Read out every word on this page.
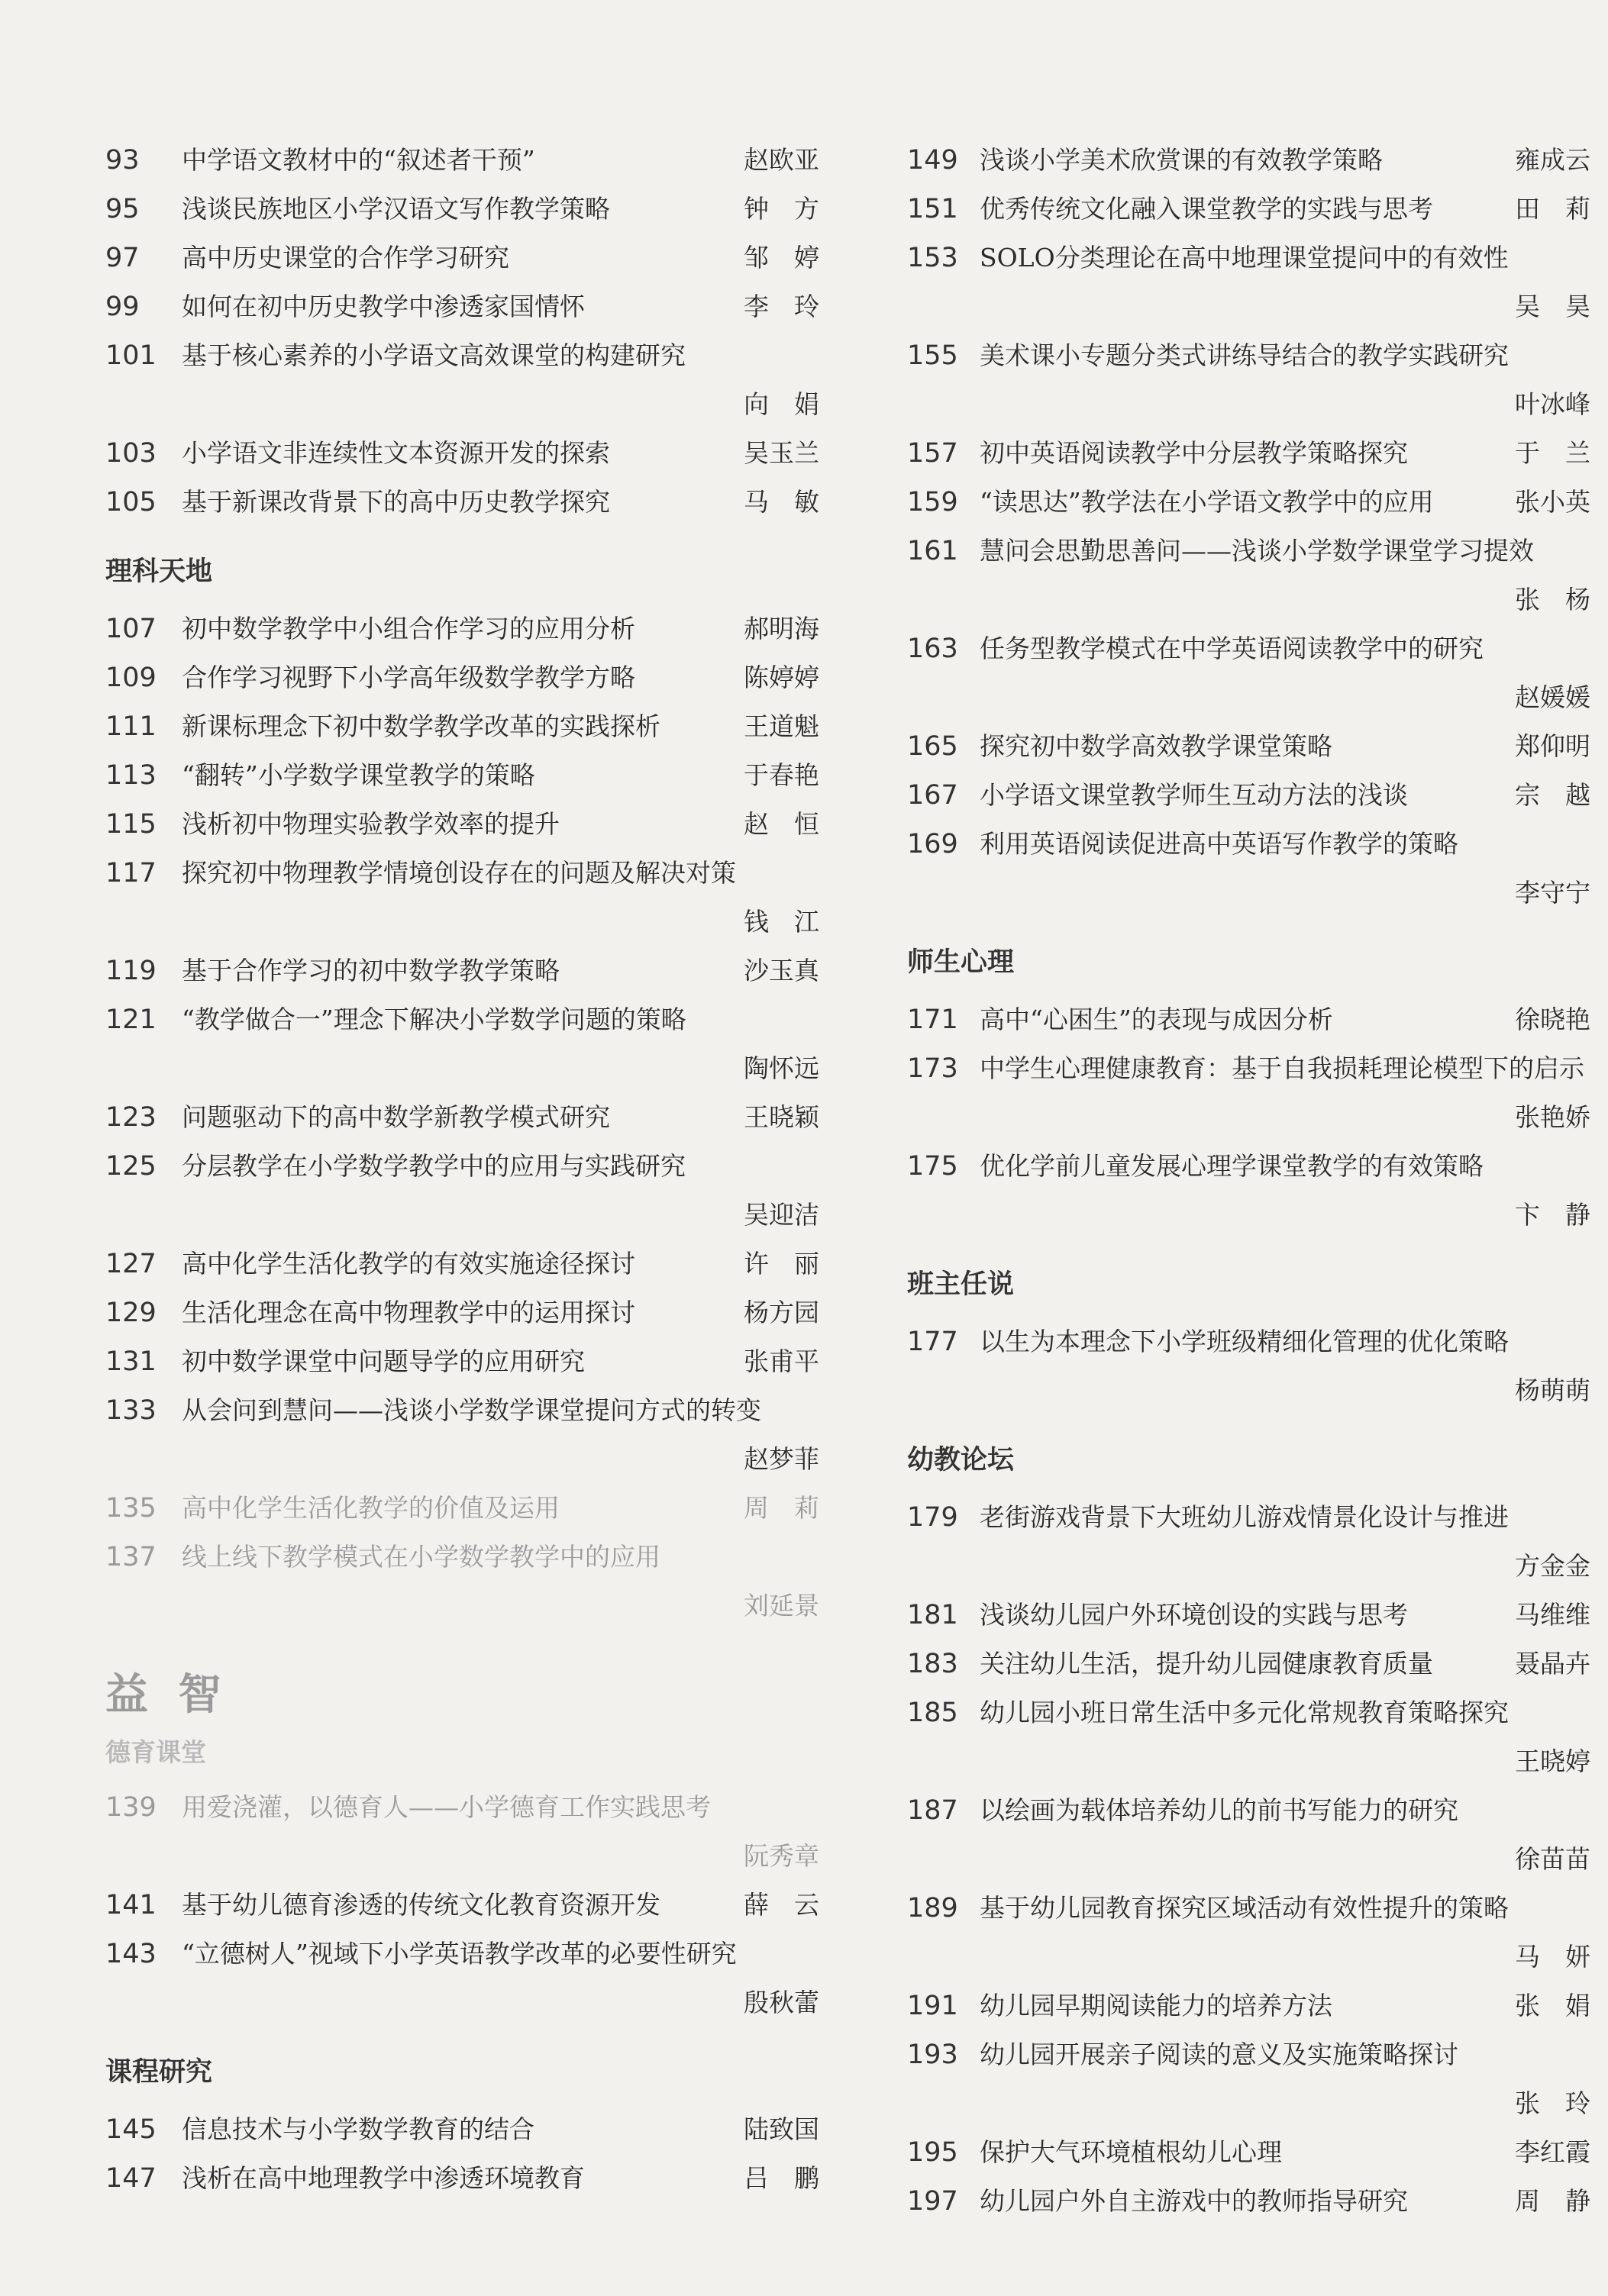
93 中学语文教材中的“叙述者干预”	赵欧亚
95 浅谈民族地区小学汉语文写作教学策略	钟　方
97 高中历史课堂的合作学习研究	邹　婷
99 如何在初中历史教学中渗透家国情怀	李　玲
101 基于核心素养的小学语文高效课堂的构建研究
向　娟
103 小学语文非连续性文本资源开发的探索	吴玉兰
105 基于新课改背景下的高中历史教学探究	马　敏
理科天地
107 初中数学教学中小组合作学习的应用分析	郝明海
109 合作学习视野下小学高年级数学教学方略	陈婷婷
111 新课标理念下初中数学教学改革的实践探析	王道魁
113 “翻转”小学数学课堂教学的策略	于春艳
115 浅析初中物理实验教学效率的提升	赵　恒
117 探究初中物理教学情境创设存在的问题及解决对策
钱　江
119 基于合作学习的初中数学教学策略	沙玉真
121 “教学做合一”理念下解决小学数学问题的策略
陶怀远
123 问题驱动下的高中数学新教学模式研究	王晓颖
125 分层教学在小学数学教学中的应用与实践研究
吴迎洁
127 高中化学生活化教学的有效实施途径探讨	许　丽
129 生活化理念在高中物理教学中的运用探讨	杨方园
131 初中数学课堂中问题导学的应用研究	张甫平
133 从会问到慧问——浅谈小学数学课堂提问方式的转变
赵梦菲
135 高中化学生活化教学的价值及运用	周　莉
137 线上线下教学模式在小学数学教学中的应用
刘延景
益 智
德育课堂
139 用爱浇灌，以德育人——小学德育工作实践思考
阮秀章
141 基于幼儿德育渗透的传统文化教育资源开发	薛　云
143 “立德树人”视域下小学英语教学改革的必要性研究
殷秋蕾
课程研究
145 信息技术与小学数学教育的结合	陆致国
147 浅析在高中地理教学中渗透环境教育	吕　鹏
149 浅谈小学美术欣赏课的有效教学策略	雍成云
151 优秀传统文化融入课堂教学的实践与思考	田　莉
153 SOLO分类理论在高中地理课堂提问中的有效性
吴　昊
155 美术课小专题分类式讲练导结合的教学实践研究
叶冰峰
157 初中英语阅读教学中分层教学策略探究	于　兰
159 “读思达”教学法在小学语文教学中的应用	张小英
161 慧问会思勤思善问——浅谈小学数学课堂学习提效
张　杨
163 任务型教学模式在中学英语阅读教学中的研究
赵媛媛
165 探究初中数学高效教学课堂策略	郑仰明
167 小学语文课堂教学师生互动方法的浅谈	宗　越
169 利用英语阅读促进高中英语写作教学的策略
李守宁
师生心理
171 高中“心困生”的表现与成因分析	徐晓艳
173 中学生心理健康教育：基于自我损耗理论模型下的启示
张艳娇
175 优化学前儿童发展心理学课堂教学的有效策略
卞　静
班主任说
177 以生为本理念下小学班级精细化管理的优化策略
杨萌萌
幼教论坛
179 老街游戏背景下大班幼儿游戏情景化设计与推进
方金金
181 浅谈幼儿园户外环境创设的实践与思考	马维维
183 关注幼儿生活，提升幼儿园健康教育质量	聂晶卉
185 幼儿园小班日常生活中多元化常规教育策略探究
王晓婷
187 以绘画为载体培养幼儿的前书写能力的研究
徐苗苗
189 基于幼儿园教育探究区域活动有效性提升的策略
马　妍
191 幼儿园早期阅读能力的培养方法	张　娟
193 幼儿园开展亲子阅读的意义及实施策略探讨
张　玲
195 保护大气环境植根幼儿心理	李红霞
197 幼儿园户外自主游戏中的教师指导研究	周　静
